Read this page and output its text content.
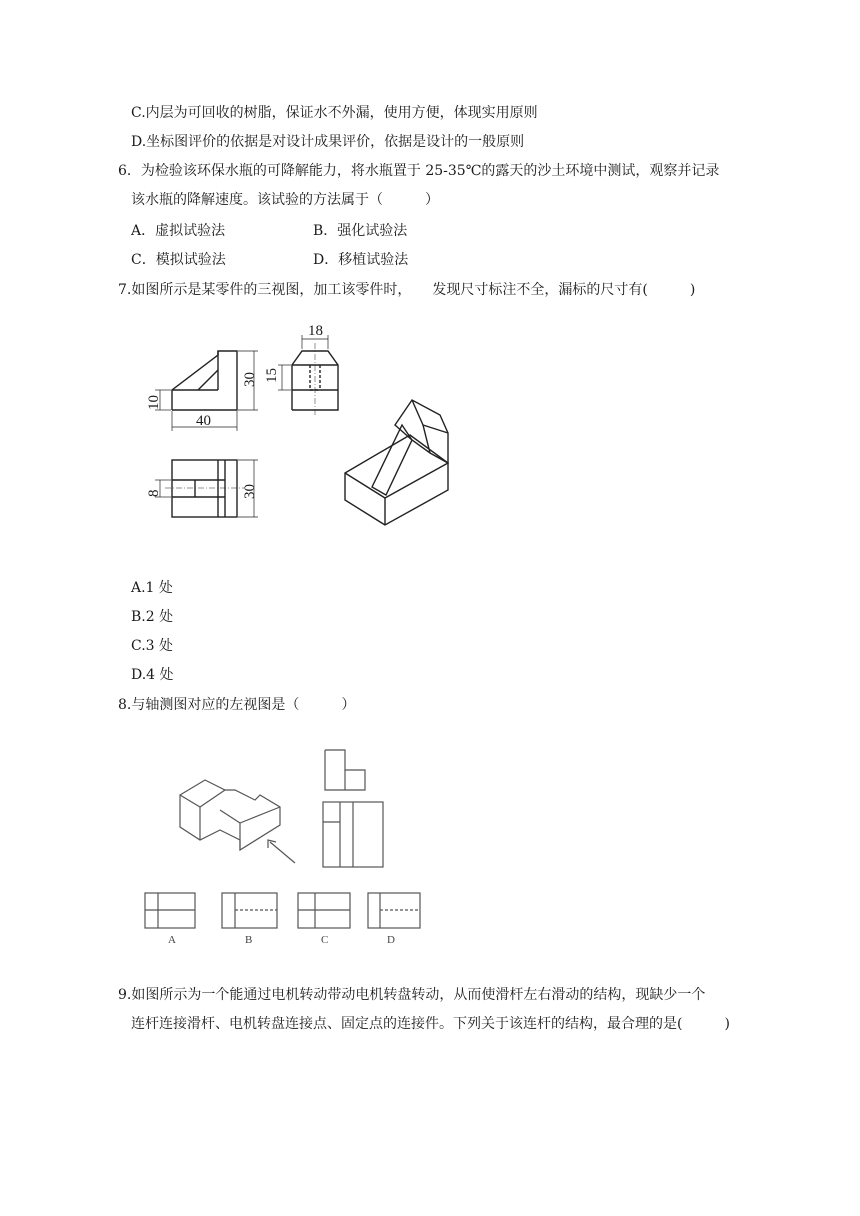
C.内层为可回收的树脂，保证水不外漏，使用方便，体现实用原则
D.坐标图评价的依据是对设计成果评价，依据是设计的一般原则
6．为检验该环保水瓶的可降解能力，将水瓶置于 25-35℃的露天的沙土环境中测试，观察并记录
该水瓶的降解速度。该试验的方法属于（　　　）
A．虚拟试验法	B．强化试验法
C．模拟试验法	D．移植试验法
7.如图所示是某零件的三视图，加工该零件时，　　发现尺寸标注不全，漏标的尺寸有(　　　)
18
15
30
10
40
8	30
A.1 处
B.2 处
C.3 处
D.4 处
8.与轴测图对应的左视图是（　　　）
A	B	C	D
9.如图所示为一个能通过电机转动带动电机转盘转动，从而使滑杆左右滑动的结构，现缺少一个
连杆连接滑杆、电机转盘连接点、固定点的连接件。下列关于该连杆的结构，最合理的是(　　　)
